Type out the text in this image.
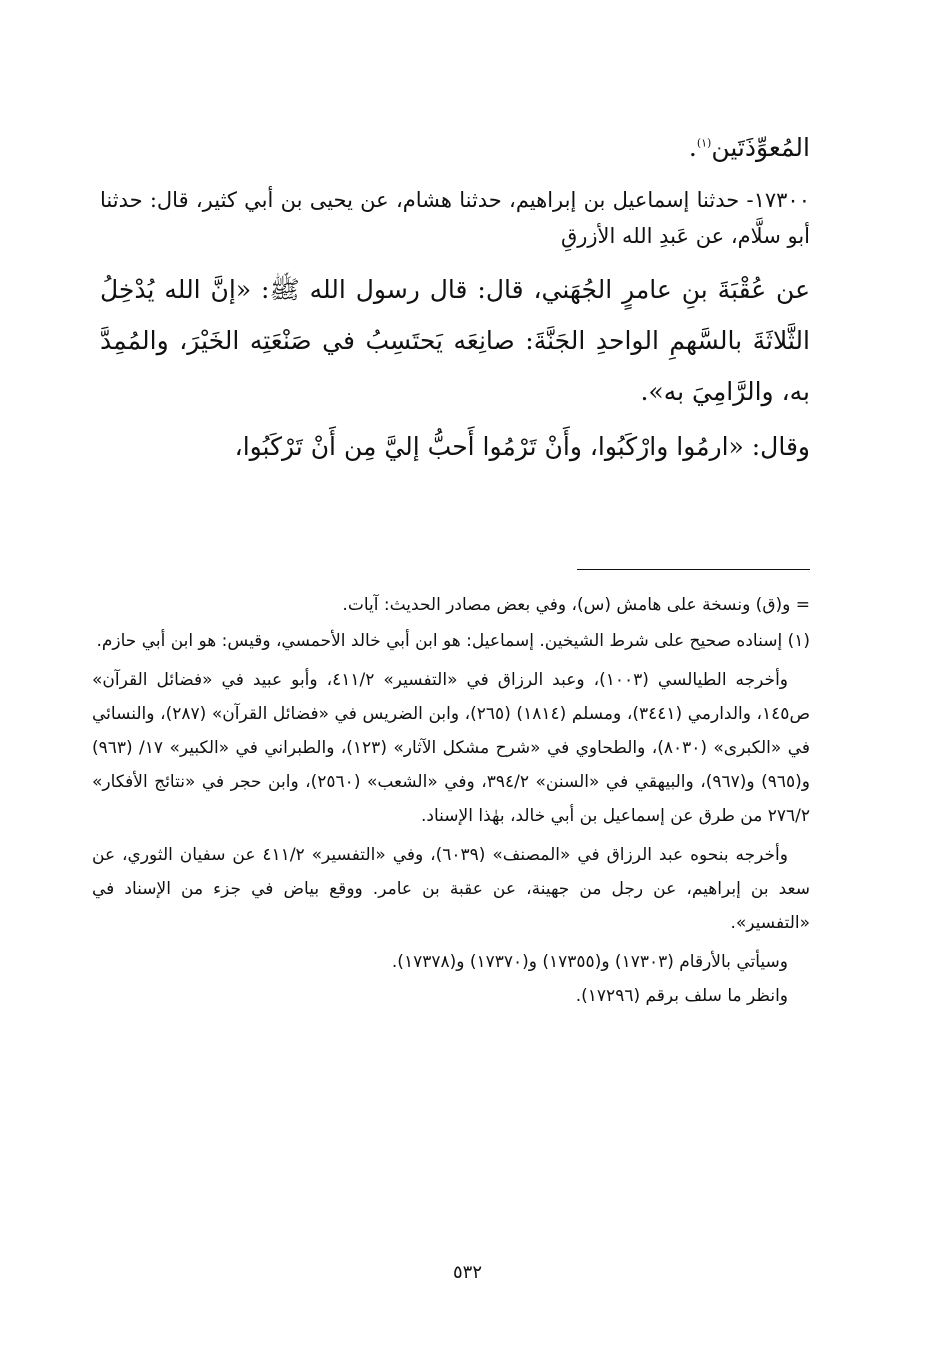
المُعوِّذَتَين$^{(١)}$.

١٧٣٠٠- حدثنا إسماعيل بن إبراهيم، حدثنا هشام، عن يحيى بن أبي كثير، قال: حدثنا أبو سلَّام، عن عَبدِ الله الأزرقِ

عن عُقْبَةَ بنِ عامرٍ الجُهَني، قال: قال رسول الله ﷺ: «إنَّ الله يُدْخِلُ الثَّلاثَةَ بالسَّهمِ الواحدِ الجَنَّةَ: صانِعَه يَحتَسِبُ في صَنْعَتِه الخَيْرَ، والمُمِدَّ به، والرَّامِيَ به».

وقال: «ارمُوا وارْكَبُوا، وأَنْ تَرْمُوا أَحبُّ إليَّ مِن أَنْ تَرْكَبُوا،

= و(ق) ونسخة على هامش (س)، وفي بعض مصادر الحديث: آيات.

(١) إسناده صحيح على شرط الشيخين. إسماعيل: هو ابن أبي خالد الأحمسي، وقيس: هو ابن أبي حازم.

وأخرجه الطيالسي (١٠٠٣)، وعبد الرزاق في «التفسير» ٤١١/٢، وأبو عبيد في «فضائل القرآن» ص١٤٥، والدارمي (٣٤٤١)، ومسلم (١٨١٤) (٢٦٥)، وابن الضريس في «فضائل القرآن» (٢٨٧)، والنسائي في «الكبرى» (٨٠٣٠)، والطحاوي في «شرح مشكل الآثار» (١٢٣)، والطبراني في «الكبير» ١٧/ (٩٦٣) و(٩٦٥) و(٩٦٧)، والبيهقي في «السنن» ٣٩٤/٢، وفي «الشعب» (٢٥٦٠)، وابن حجر في «نتائج الأفكار» ٢٧٦/٢ من طرق عن إسماعيل بن أبي خالد، بهٰذا الإسناد.

وأخرجه بنحوه عبد الرزاق في «المصنف» (٦٠٣٩)، وفي «التفسير» ٤١١/٢ عن سفيان الثوري، عن سعد بن إبراهيم، عن رجل من جهينة، عن عقبة بن عامر. ووقع بياض في جزء من الإسناد في «التفسير».

وسيأتي بالأرقام (١٧٣٠٣) و(١٧٣٥٥) و(١٧٣٧٠) و(١٧٣٧٨).

وانظر ما سلف برقم (١٧٢٩٦).

٥٣٢
